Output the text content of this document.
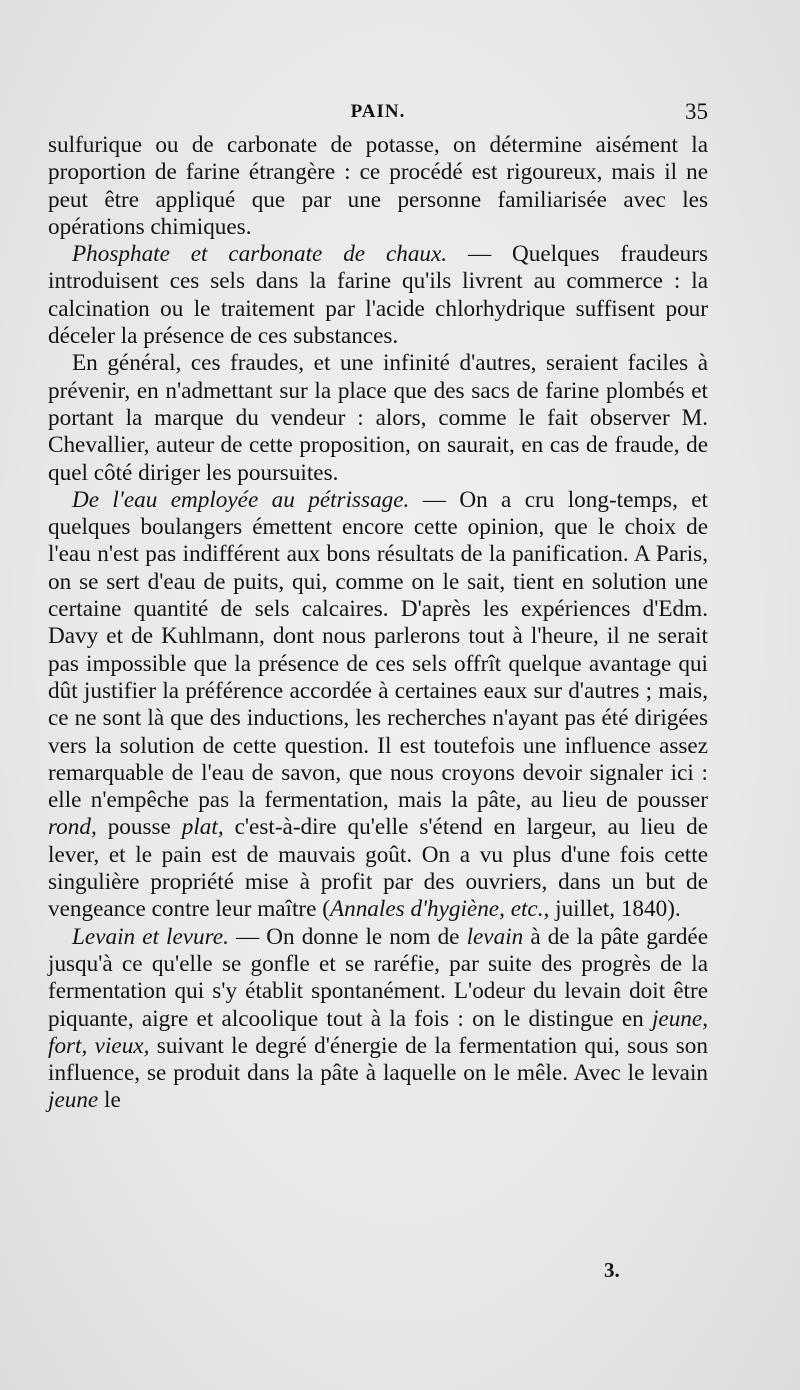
PAIN.	35

sulfurique ou de carbonate de potasse, on détermine aisément la proportion de farine étrangère : ce procédé est rigoureux, mais il ne peut être appliqué que par une personne familiarisée avec les opérations chimiques.

Phosphate et carbonate de chaux. — Quelques fraudeurs introduisent ces sels dans la farine qu'ils livrent au commerce : la calcination ou le traitement par l'acide chlorhydrique suffisent pour déceler la présence de ces substances.

En général, ces fraudes, et une infinité d'autres, seraient faciles à prévenir, en n'admettant sur la place que des sacs de farine plombés et portant la marque du vendeur : alors, comme le fait observer M. Chevallier, auteur de cette proposition, on saurait, en cas de fraude, de quel côté diriger les poursuites.

De l'eau employée au pétrissage. — On a cru long-temps, et quelques boulangers émettent encore cette opinion, que le choix de l'eau n'est pas indifférent aux bons résultats de la panification. A Paris, on se sert d'eau de puits, qui, comme on le sait, tient en solution une certaine quantité de sels calcaires. D'après les expériences d'Edm. Davy et de Kuhlmann, dont nous parlerons tout à l'heure, il ne serait pas impossible que la présence de ces sels offrît quelque avantage qui dût justifier la préférence accordée à certaines eaux sur d'autres ; mais, ce ne sont là que des inductions, les recherches n'ayant pas été dirigées vers la solution de cette question. Il est toutefois une influence assez remarquable de l'eau de savon, que nous croyons devoir signaler ici : elle n'empêche pas la fermentation, mais la pâte, au lieu de pousser rond, pousse plat, c'est-à-dire qu'elle s'étend en largeur, au lieu de lever, et le pain est de mauvais goût. On a vu plus d'une fois cette singulière propriété mise à profit par des ouvriers, dans un but de vengeance contre leur maître (Annales d'hygiène, etc., juillet, 1840).

Levain et levure. — On donne le nom de levain à de la pâte gardée jusqu'à ce qu'elle se gonfle et se raréfie, par suite des progrès de la fermentation qui s'y établit spontanément. L'odeur du levain doit être piquante, aigre et alcoolique tout à la fois : on le distingue en jeune, fort, vieux, suivant le degré d'énergie de la fermentation qui, sous son influence, se produit dans la pâte à laquelle on le mêle. Avec le levain jeune le

3.
